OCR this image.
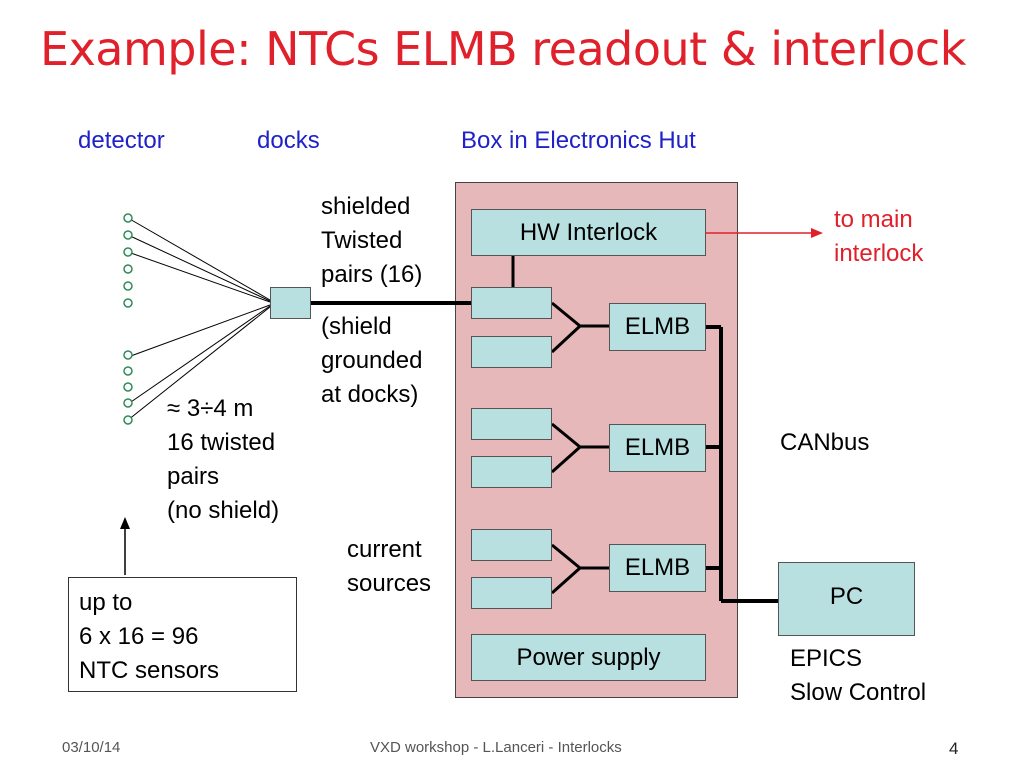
Example: NTCs ELMB readout & interlock
detector	docks	Box in Electronics Hut
shielded
Twisted
pairs (16)
(shield
grounded
at docks)
≈ 3÷4 m
16 twisted
pairs
(no shield)
current
sources
HW Interlock	to main
interlock
ELMB
ELMB
ELMB
Power supply
CANbus
PC
EPICS
Slow Control
up to
6 x 16 = 96
NTC sensors
03/10/14	VXD workshop - L.Lanceri - Interlocks	4
